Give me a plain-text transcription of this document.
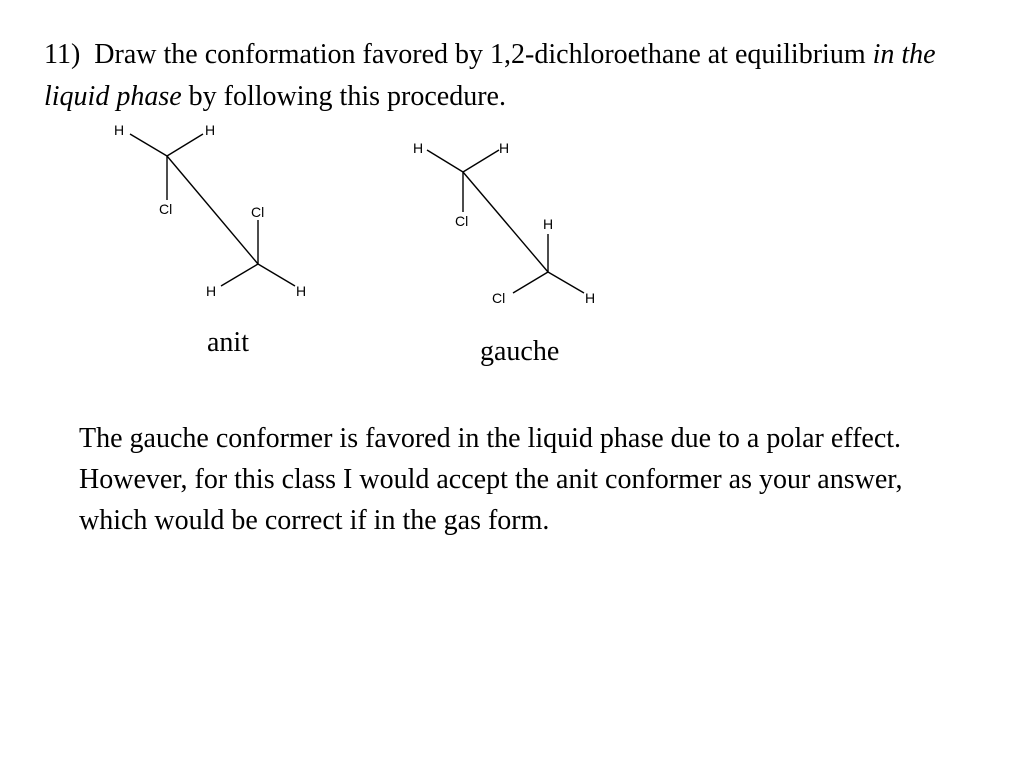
11) Draw the conformation favored by 1,2-dichloroethane at equilibrium in the liquid phase by following this procedure.

H	H
Cl	Cl
H	H
H	H
Cl	H
Cl	H

anit	gauche

The gauche conformer is favored in the liquid phase due to a polar effect. However, for this class I would accept the anit conformer as your answer, which would be correct if in the gas form.
